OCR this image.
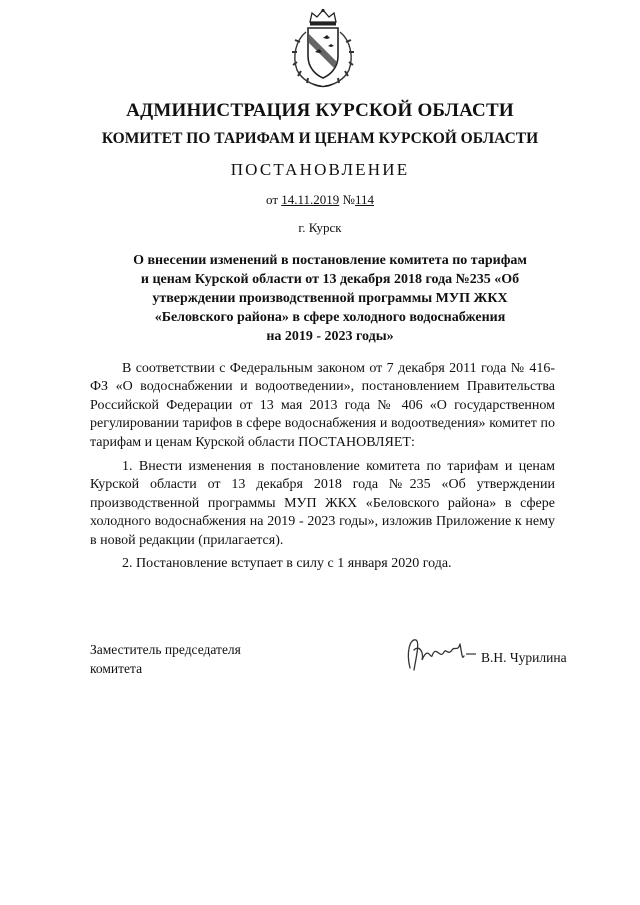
АДМИНИСТРАЦИЯ КУРСКОЙ ОБЛАСТИ
КОМИТЕТ ПО ТАРИФАМ И ЦЕНАМ КУРСКОЙ ОБЛАСТИ
ПОСТАНОВЛЕНИЕ
от 14.11.2019 №114
г. Курск
О внесении изменений в постановление комитета по тарифам
и ценам Курской области от 13 декабря 2018 года №235 «Об
утверждении производственной программы МУП ЖКХ
«Беловского района» в сфере холодного водоснабжения
на 2019 - 2023 годы»

В соответствии с Федеральным законом от 7 декабря 2011 года № 416-ФЗ «О водоснабжении и водоотведении», постановлением Правительства Российской Федерации от 13 мая 2013 года № 406 «О государственном регулировании тарифов в сфере водоснабжения и водоотведения» комитет по тарифам и ценам Курской области ПОСТАНОВЛЯЕТ:

1. Внести изменения в постановление комитета по тарифам и ценам Курской области от 13 декабря 2018 года №235 «Об утверждении производственной программы МУП ЖКХ «Беловского района» в сфере холодного водоснабжения на 2019 - 2023 годы», изложив Приложение к нему в новой редакции (прилагается).

2. Постановление вступает в силу с 1 января 2020 года.

Заместитель председателя
комитета
В.Н. Чурилина
